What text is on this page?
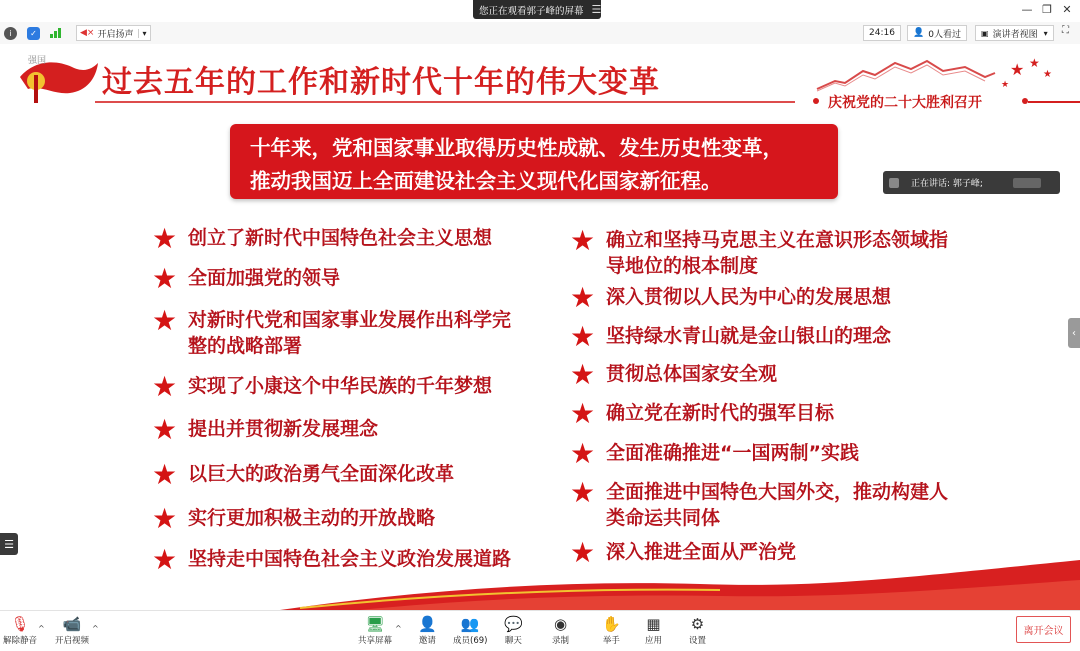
您正在观看郭子峰的屏幕 ☰	— ❐ ✕
i	✓	◀× 开启扬声	▾	24:16 👤 0人看过	▣ 演讲者视图 ▾ ⛶
强国
过去五年的工作和新时代十年的伟大变革	★ ★
★
★
庆祝党的二十大胜利召开
十年来，党和国家事业取得历史性成就、发生历史性变革，
推动我国迈上全面建设社会主义现代化国家新征程。
★ 创立了新时代中国特色社会主义思想
★ 全面加强党的领导
★ 对新时代党和国家事业发展作出科学完
整的战略部署
★ 实现了小康这个中华民族的千年梦想
★ 提出并贯彻新发展理念
★ 以巨大的政治勇气全面深化改革
★ 实行更加积极主动的开放战略
★ 坚持走中国特色社会主义政治发展道路
★ 确立和坚持马克思主义在意识形态领域指
导地位的根本制度
★ 深入贯彻以人民为中心的发展思想
★ 坚持绿水青山就是金山银山的理念
★ 贯彻总体国家安全观
★ 确立党在新时代的强军目标
★ 全面准确推进“一国两制”实践
★ 全面推进中国特色大国外交，推动构建人
类命运共同体
★ 深入推进全面从严治党
正在讲话: 郭子峰;
‹
☰
🎙
解除静音
^ 📹
开启视频
^	🖥
共享屏幕
^ 👤
邀请
👥
成员(69)
💬
聊天
◉
录制
✋
举手
▦
应用
⚙
设置
离开会议
